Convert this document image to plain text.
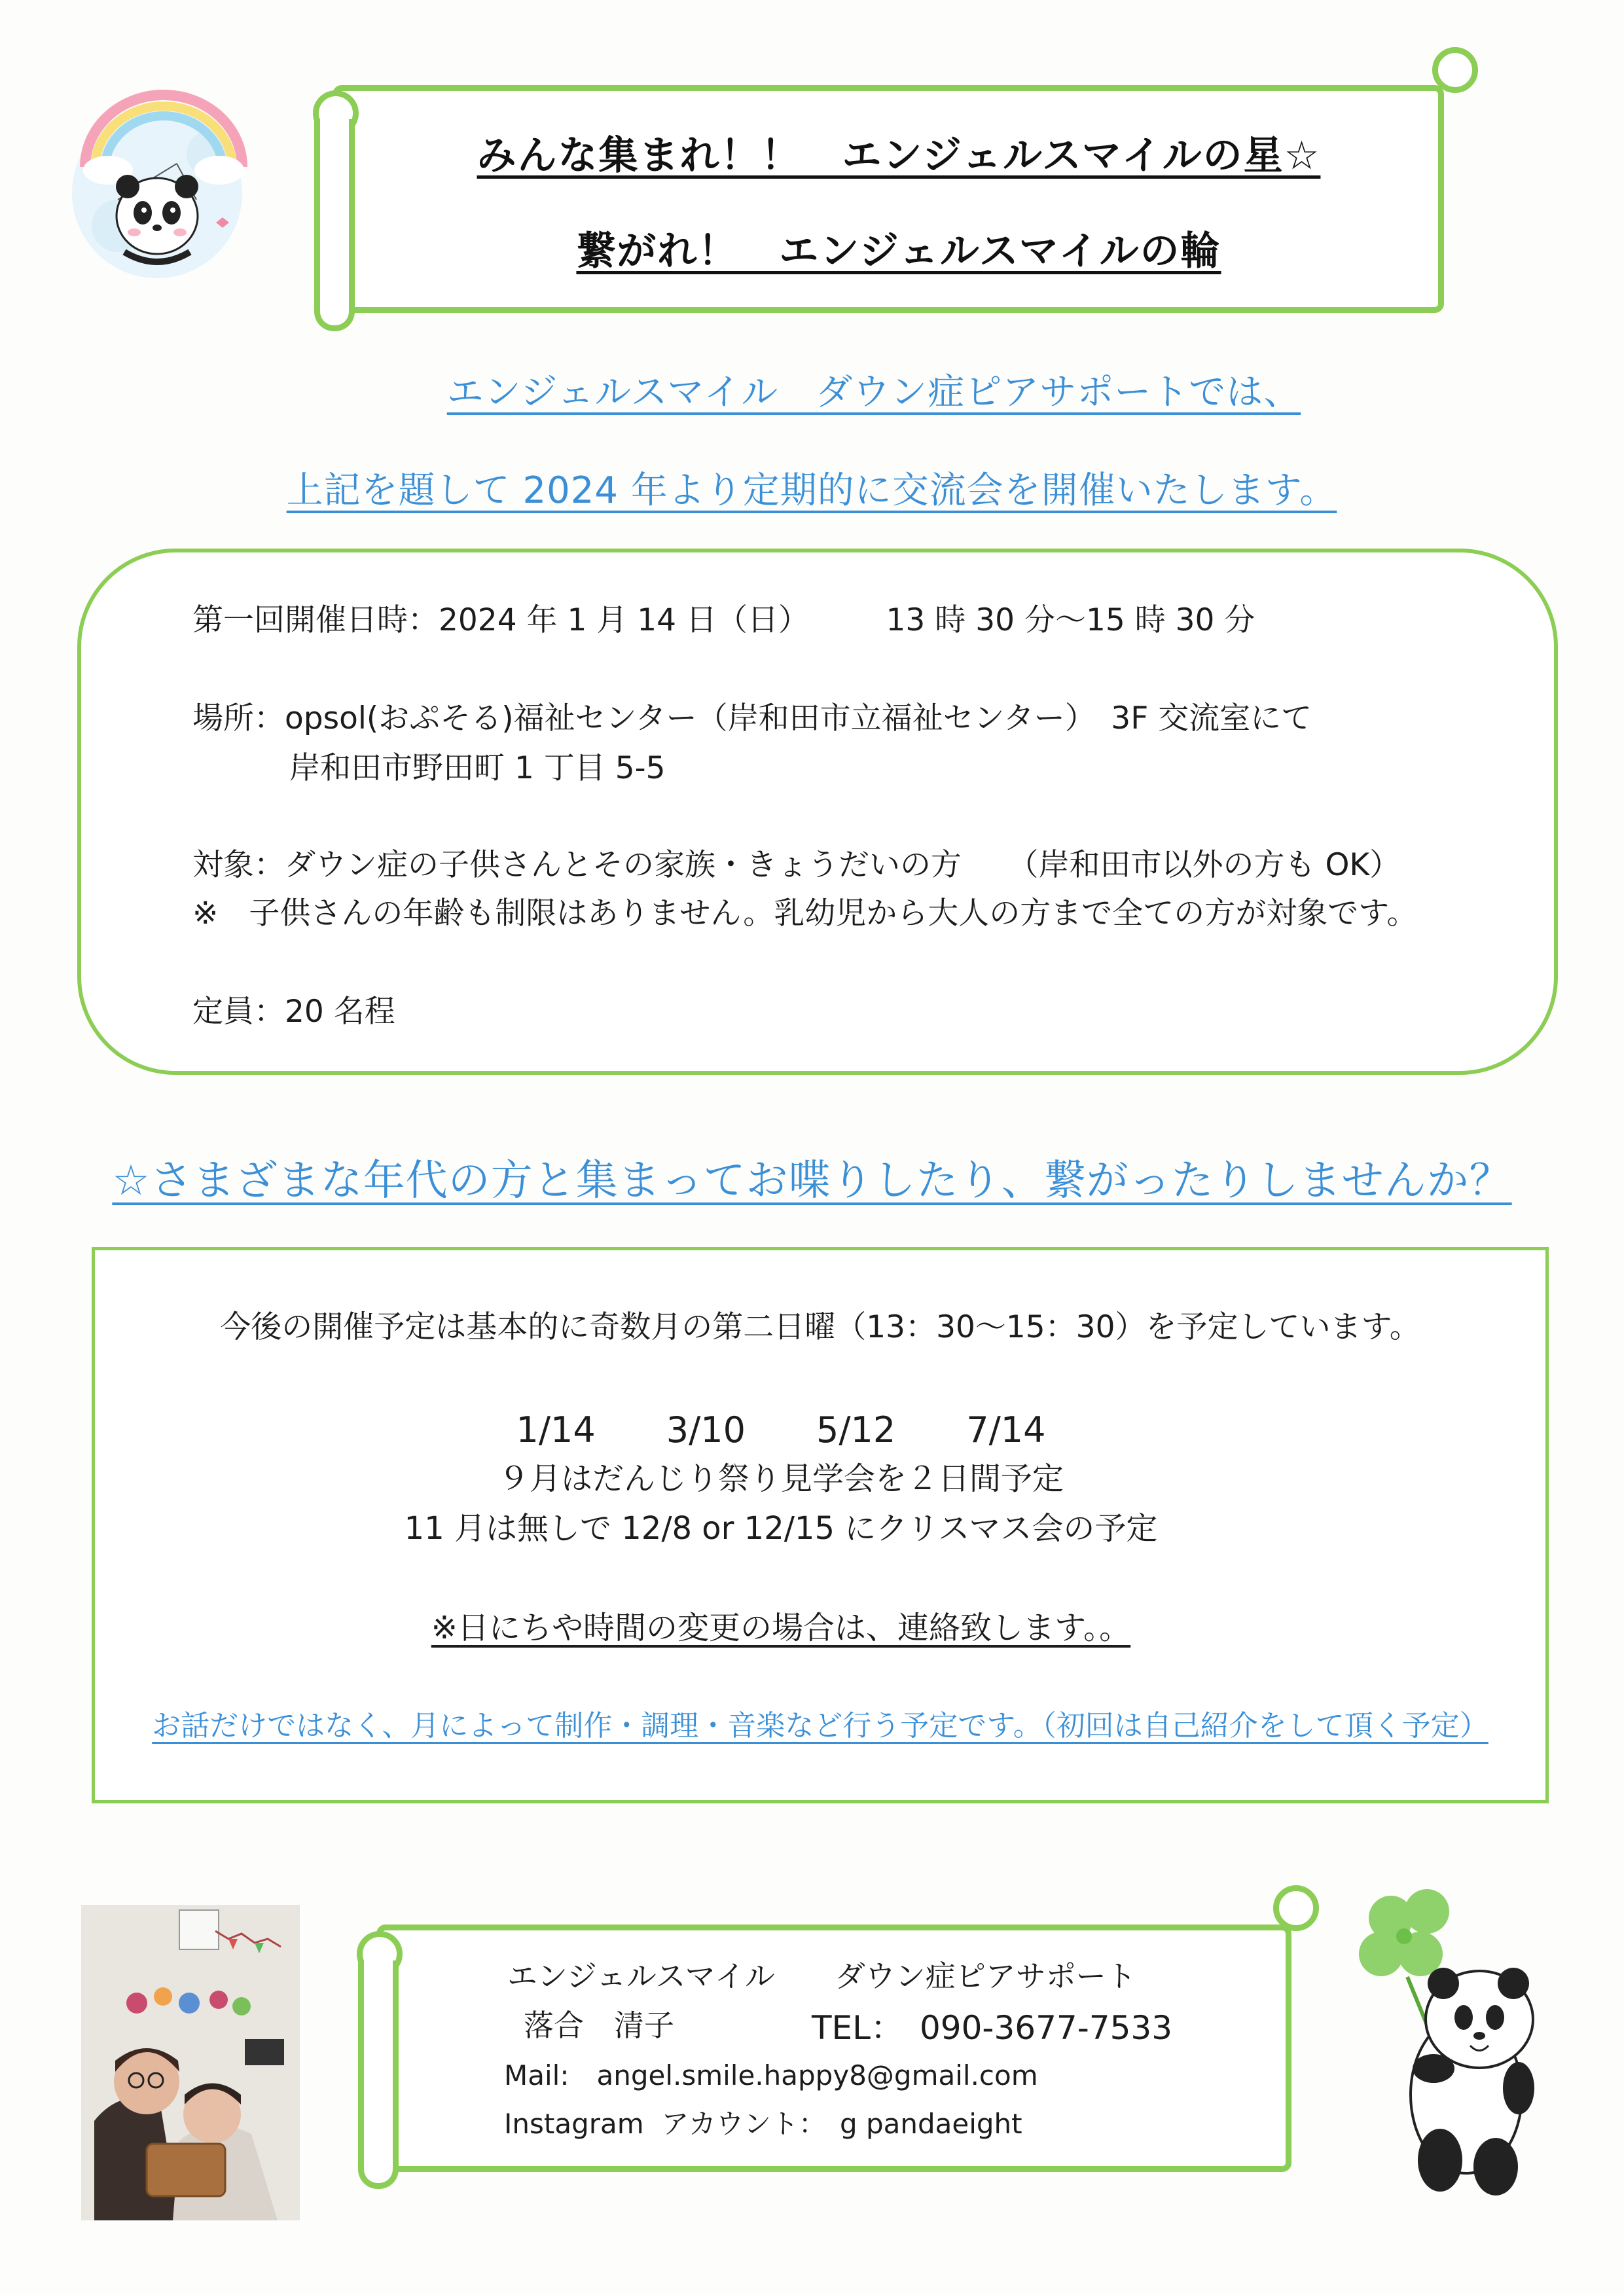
みんな集まれ！！　エンジェルスマイルの星☆
繋がれ！　エンジェルスマイルの輪
エンジェルスマイル　ダウン症ピアサポートでは、
上記を題して 2024 年より定期的に交流会を開催いたします。
第一回開催日時：2024 年 1 月 14 日（日）　　　13 時 30 分～15 時 30 分
場所：opsol(おぷそる)福祉センター（岸和田市立福祉センター）　3F 交流室にて
岸和田市野田町 1 丁目 5-5
対象：ダウン症の子供さんとその家族・きょうだいの方　　（岸和田市以外の方も OK）
※　子供さんの年齢も制限はありません。乳幼児から大人の方まで全ての方が対象です。
定員：20 名程
☆さまざまな年代の方と集まってお喋りしたり、繋がったりしませんか？
今後の開催予定は基本的に奇数月の第二日曜（13：30～15：30）を予定しています。
1/14　　3/10　　5/12　　7/14
９月はだんじり祭り見学会を２日間予定
11 月は無しで 12/8 or 12/15 にクリスマス会の予定
※日にちや時間の変更の場合は、連絡致します。。
お話だけではなく、月によって制作・調理・音楽など行う予定です。（初回は自己紹介をして頂く予定）
エンジェルスマイル　　ダウン症ピアサポート
落合　清子	TEL：　090-3677-7533
Mail:　angel.smile.happy8@gmail.com
Instagram  アカウント：　g pandaeight
